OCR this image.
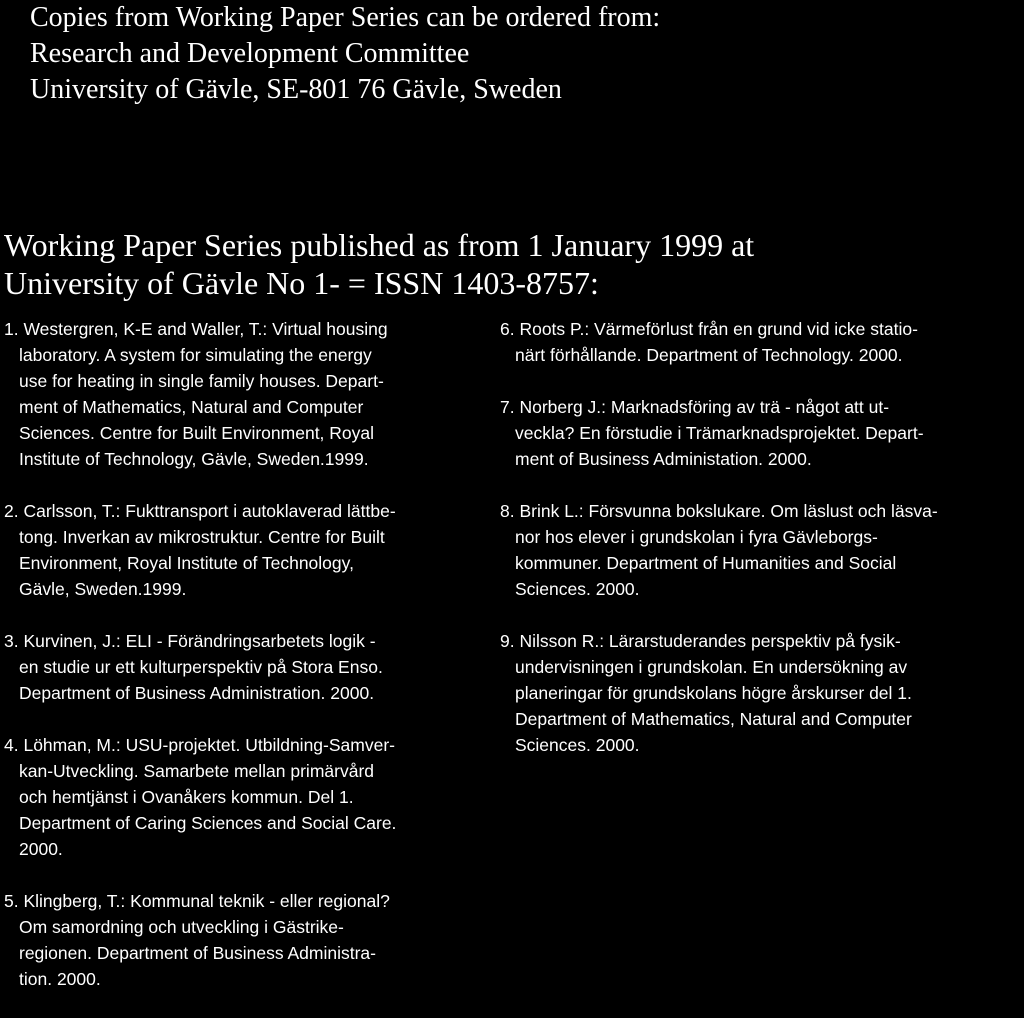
Copies from Working Paper Series can be ordered from:
Research and Development Committee
University of Gävle, SE-801 76 Gävle, Sweden
Working Paper Series published as from 1 January 1999 at
University of Gävle No 1- = ISSN 1403-8757:
1. Westergren, K-E and Waller, T.: Virtual housing
laboratory. A system for simulating the energy
use for heating in single family houses. Depart-
ment of Mathematics, Natural and Computer
Sciences. Centre for Built Environment, Royal
Institute of Technology, Gävle, Sweden.1999.
2. Carlsson, T.: Fukttransport i autoklaverad lättbe-
tong. Inverkan av mikrostruktur. Centre for Built
Environment, Royal Institute of Technology,
Gävle, Sweden.1999.
3. Kurvinen, J.: ELI - Förändringsarbetets logik -
en studie ur ett kulturperspektiv på Stora Enso.
Department of Business Administration. 2000.
4. Löhman, M.: USU-projektet. Utbildning-Samver-
kan-Utveckling. Samarbete mellan primärvård
och hemtjänst i Ovanåkers kommun. Del 1.
Department of Caring Sciences and Social Care.
2000.
5. Klingberg, T.: Kommunal teknik - eller regional?
Om samordning och utveckling i Gästrike-
regionen. Department of Business Administra-
tion. 2000.
6. Roots P.: Värmeförlust från en grund vid icke statio-
närt förhållande. Department of Technology. 2000.
7. Norberg J.: Marknadsföring av trä - något att ut-
veckla? En förstudie i Trämarknadsprojektet. Depart-
ment of Business Administation. 2000.
8. Brink L.: Försvunna bokslukare. Om läslust och läsva-
nor hos elever i grundskolan i fyra Gävleborgs-
kommuner. Department of Humanities and Social
Sciences. 2000.
9. Nilsson R.: Lärarstuderandes perspektiv på fysik-
undervisningen i grundskolan. En undersökning av
planeringar för grundskolans högre årskurser del 1.
Department of Mathematics, Natural and Computer
Sciences. 2000.
